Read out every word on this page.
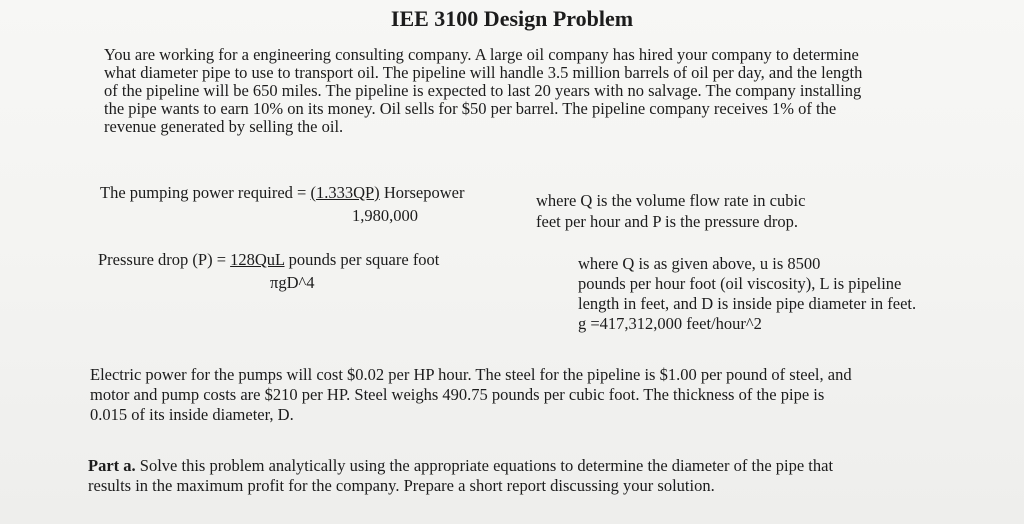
IEE 3100 Design Problem

You are working for a engineering consulting company. A large oil company has hired your company to determine

what diameter pipe to use to transport oil. The pipeline will handle 3.5 million barrels of oil per day, and the length

of the pipeline will be 650 miles. The pipeline is expected to last 20 years with no salvage. The company installing

the pipe wants to earn 10% on its money. Oil sells for $50 per barrel. The pipeline company receives 1% of the

revenue generated by selling the oil.

The pumping power required = (1.333QP) Horsepower
1,980,000
where Q is the volume flow rate in cubic
feet per hour and P is the pressure drop.
Pressure drop (P) = 128QuL pounds per square foot
πgD^4
where Q is as given above, u is 8500
pounds per hour foot (oil viscosity), L is pipeline
length in feet, and D is inside pipe diameter in feet.
g =417,312,000 feet/hour^2
Electric power for the pumps will cost $0.02 per HP hour. The steel for the pipeline is $1.00 per pound of steel, and
motor and pump costs are $210 per HP. Steel weighs 490.75 pounds per cubic foot. The thickness of the pipe is
0.015 of its inside diameter, D.
Part a. Solve this problem analytically using the appropriate equations to determine the diameter of the pipe that
results in the maximum profit for the company. Prepare a short report discussing your solution.
